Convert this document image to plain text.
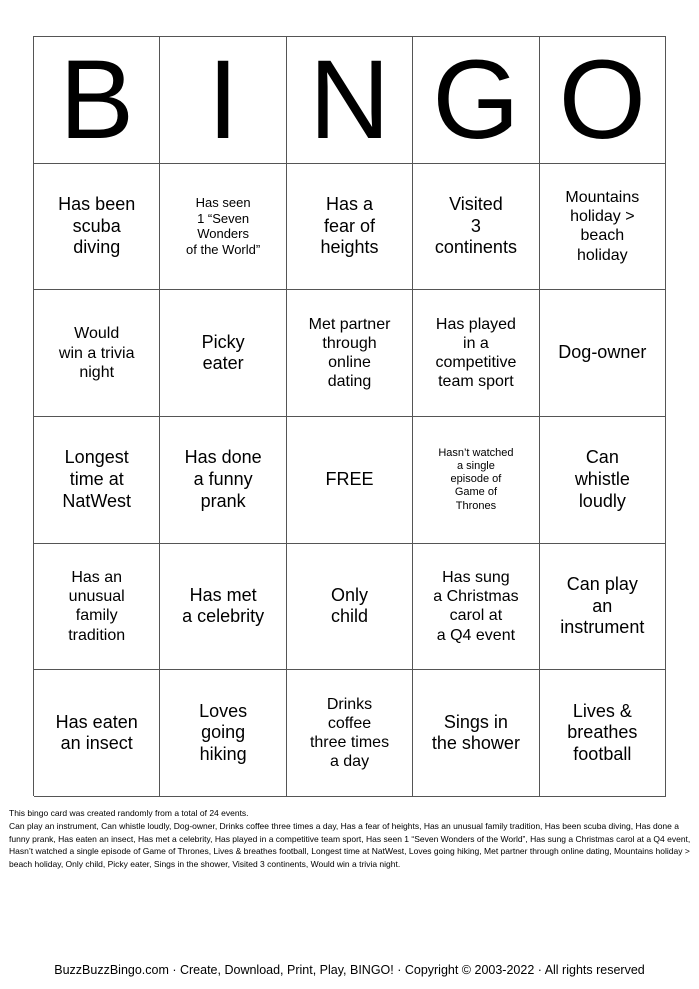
B I N G O
Has been
scuba
diving
Has seen
1 “Seven
Wonders
of the World”
Has a
fear of
heights
Visited
3
continents
Mountains
holiday >
beach
holiday
Would
win a trivia
night
Picky
eater
Met partner
through
online
dating
Has played
in a
competitive
team sport
Dog-owner
Longest
time at
NatWest
Has done
a funny
prank
FREE
Hasn’t watched
a single
episode of
Game of
Thrones
Can
whistle
loudly
Has an
unusual
family
tradition
Has met
a celebrity
Only
child
Has sung
a Christmas
carol at
a Q4 event
Can play
an
instrument
Has eaten
an insect
Loves
going
hiking
Drinks
coffee
three times
a day
Sings in
the shower
Lives &
breathes
football
This bingo card was created randomly from a total of 24 events.
Can play an instrument, Can whistle loudly, Dog-owner, Drinks coffee three times a day, Has a fear of heights, Has an unusual family tradition, Has been scuba diving, Has done a funny prank, Has eaten an insect, Has met a celebrity, Has played in a competitive team sport, Has seen 1 “Seven Wonders of the World”, Has sung a Christmas carol at a Q4 event, Hasn’t watched a single episode of Game of Thrones, Lives & breathes football, Longest time at NatWest, Loves going hiking, Met partner through online dating, Mountains holiday > beach holiday, Only child, Picky eater, Sings in the shower, Visited 3 continents, Would win a trivia night.
BuzzBuzzBingo.com · Create, Download, Print, Play, BINGO! · Copyright © 2003-2022 · All rights reserved
